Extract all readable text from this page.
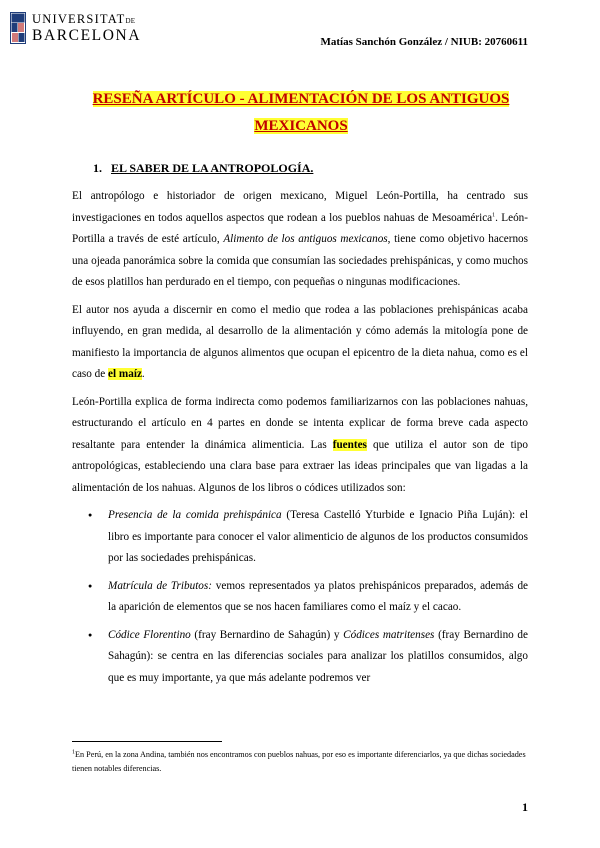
UNIVERSITATDE
BARCELONA	Matías Sanchón González / NIUB: 20760611
RESEÑA ARTÍCULO - ALIMENTACIÓN DE LOS ANTIGUOS
MEXICANOS
1. EL SABER DE LA ANTROPOLOGÍA.

El antropólogo e historiador de origen mexicano, Miguel León-Portilla, ha centrado sus investigaciones en todos aquellos aspectos que rodean a los pueblos nahuas de Mesoamérica$^1$. León-Portilla a través de esté artículo, Alimento de los antiguos mexicanos, tiene como objetivo hacernos una ojeada panorámica sobre la comida que consumían las sociedades prehispánicas, y como muchos de esos platillos han perdurado en el tiempo, con pequeñas o ningunas modificaciones.

El autor nos ayuda a discernir en como el medio que rodea a las poblaciones prehispánicas acaba influyendo, en gran medida, al desarrollo de la alimentación y cómo además la mitología pone de manifiesto la importancia de algunos alimentos que ocupan el epicentro de la dieta nahua, como es el caso de el maíz.

León-Portilla explica de forma indirecta como podemos familiarizarnos con las poblaciones nahuas, estructurando el artículo en 4 partes en donde se intenta explicar de forma breve cada aspecto resaltante para entender la dinámica alimenticia. Las fuentes que utiliza el autor son de tipo antropológicas, estableciendo una clara base para extraer las ideas principales que van ligadas a la alimentación de los nahuas. Algunos de los libros o códices utilizados son:

● Presencia de la comida prehispánica (Teresa Castelló Yturbide e Ignacio Piña Luján): el libro es importante para conocer el valor alimenticio de algunos de los productos consumidos por las sociedades prehispánicas.
● Matrícula de Tributos: vemos representados ya platos prehispánicos preparados, además de la aparición de elementos que se nos hacen familiares como el maíz y el cacao.
● Códice Florentino (fray Bernardino de Sahagún) y Códices matritenses (fray Bernardino de Sahagún): se centra en las diferencias sociales para analizar los platillos consumidos, algo que es muy importante, ya que más adelante podremos ver
$^1$En Perú, en la zona Andina, también nos encontramos con pueblos nahuas, por eso es importante diferenciarlos, ya que dichas sociedades tienen notables diferencias.
1
